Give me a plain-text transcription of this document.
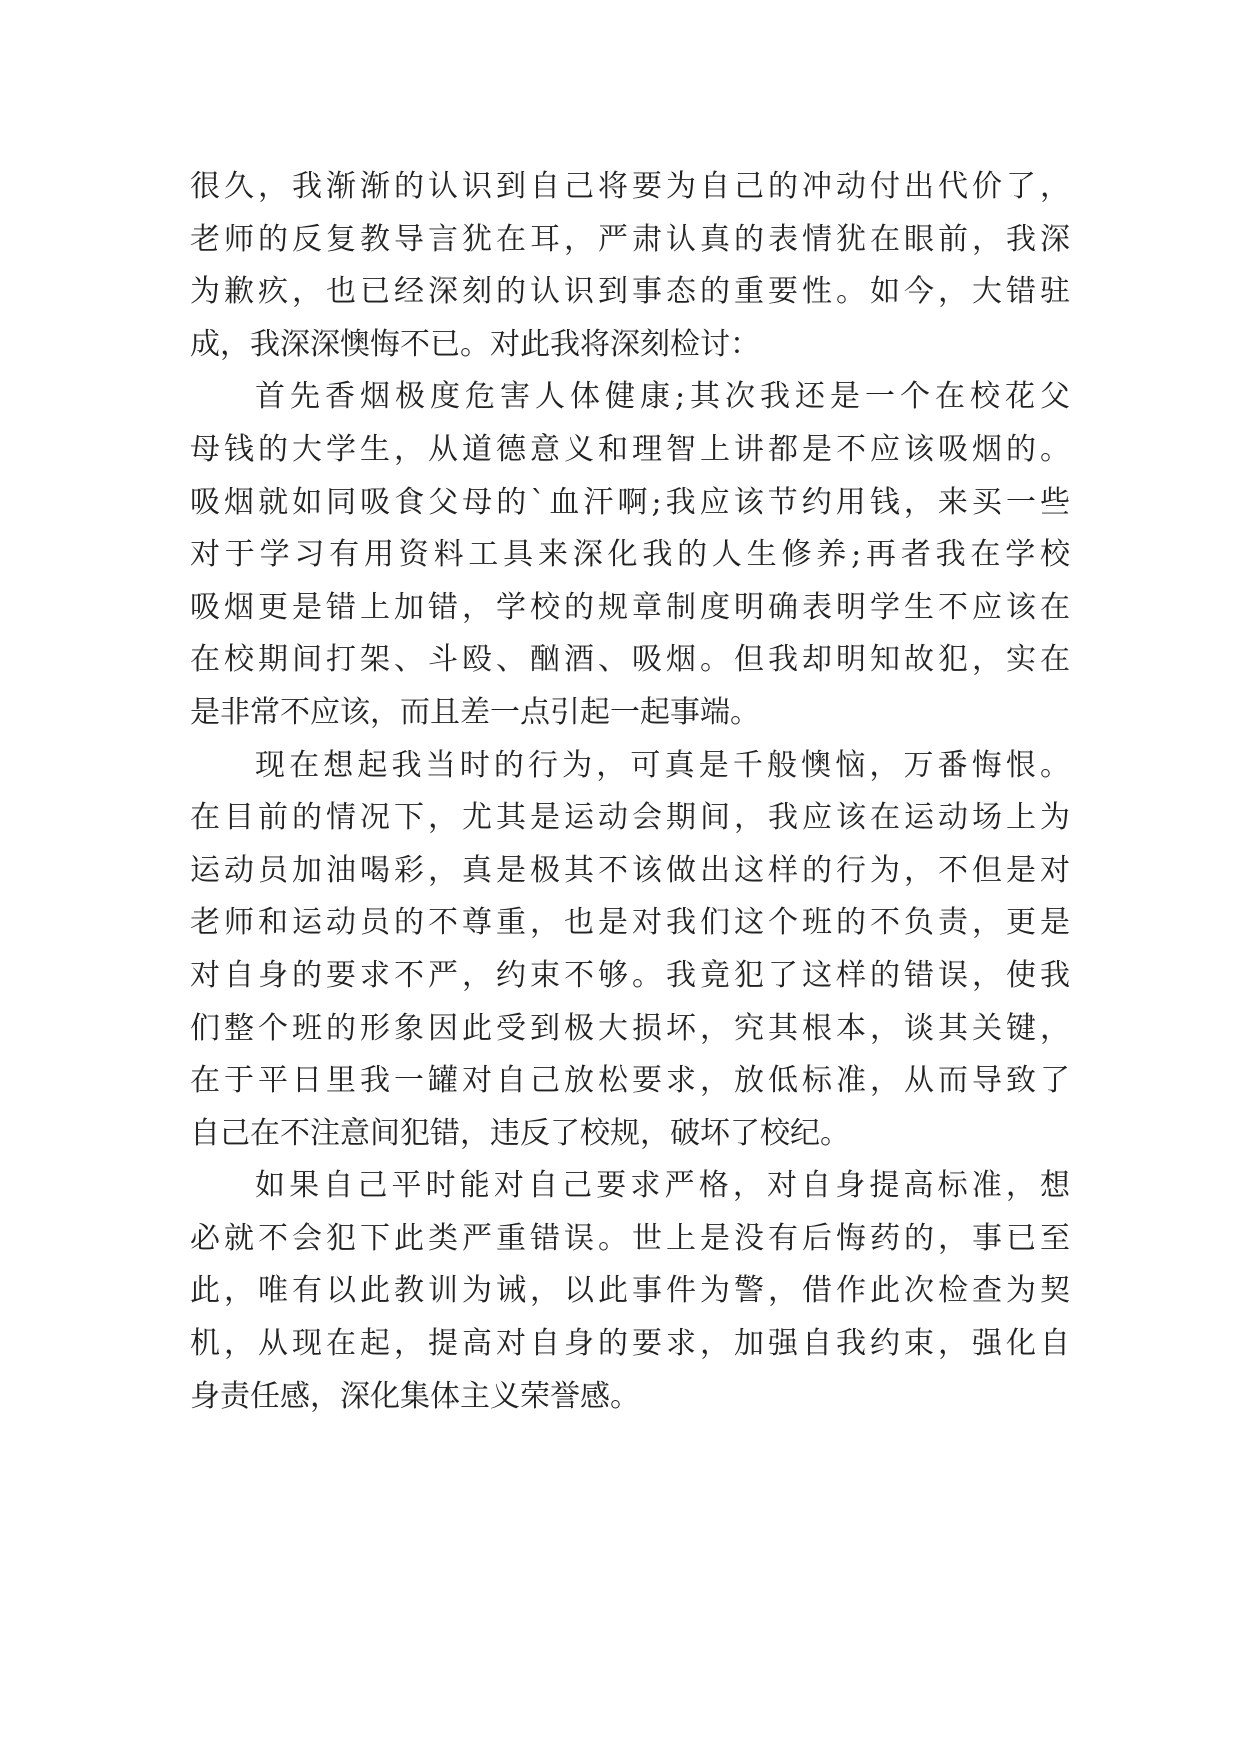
很久，我渐渐的认识到自己将要为自己的冲动付出代价了，
老师的反复教导言犹在耳，严肃认真的表情犹在眼前，我深
为歉疚，也已经深刻的认识到事态的重要性。如今，大错驻
成，我深深懊悔不已。对此我将深刻检讨：
首先香烟极度危害人体健康;其次我还是一个在校花父
母钱的大学生，从道德意义和理智上讲都是不应该吸烟的。
吸烟就如同吸食父母的`血汗啊;我应该节约用钱，来买一些
对于学习有用资料工具来深化我的人生修养;再者我在学校
吸烟更是错上加错，学校的规章制度明确表明学生不应该在
在校期间打架、斗殴、酗酒、吸烟。但我却明知故犯，实在
是非常不应该，而且差一点引起一起事端。
现在想起我当时的行为，可真是千般懊恼，万番悔恨。
在目前的情况下，尤其是运动会期间，我应该在运动场上为
运动员加油喝彩，真是极其不该做出这样的行为，不但是对
老师和运动员的不尊重，也是对我们这个班的不负责，更是
对自身的要求不严，约束不够。我竟犯了这样的错误，使我
们整个班的形象因此受到极大损坏，究其根本，谈其关键，
在于平日里我一罐对自己放松要求，放低标准，从而导致了
自己在不注意间犯错，违反了校规，破坏了校纪。
如果自己平时能对自己要求严格，对自身提高标准，想
必就不会犯下此类严重错误。世上是没有后悔药的，事已至
此，唯有以此教训为诫，以此事件为警，借作此次检查为契
机，从现在起，提高对自身的要求，加强自我约束，强化自
身责任感，深化集体主义荣誉感。
